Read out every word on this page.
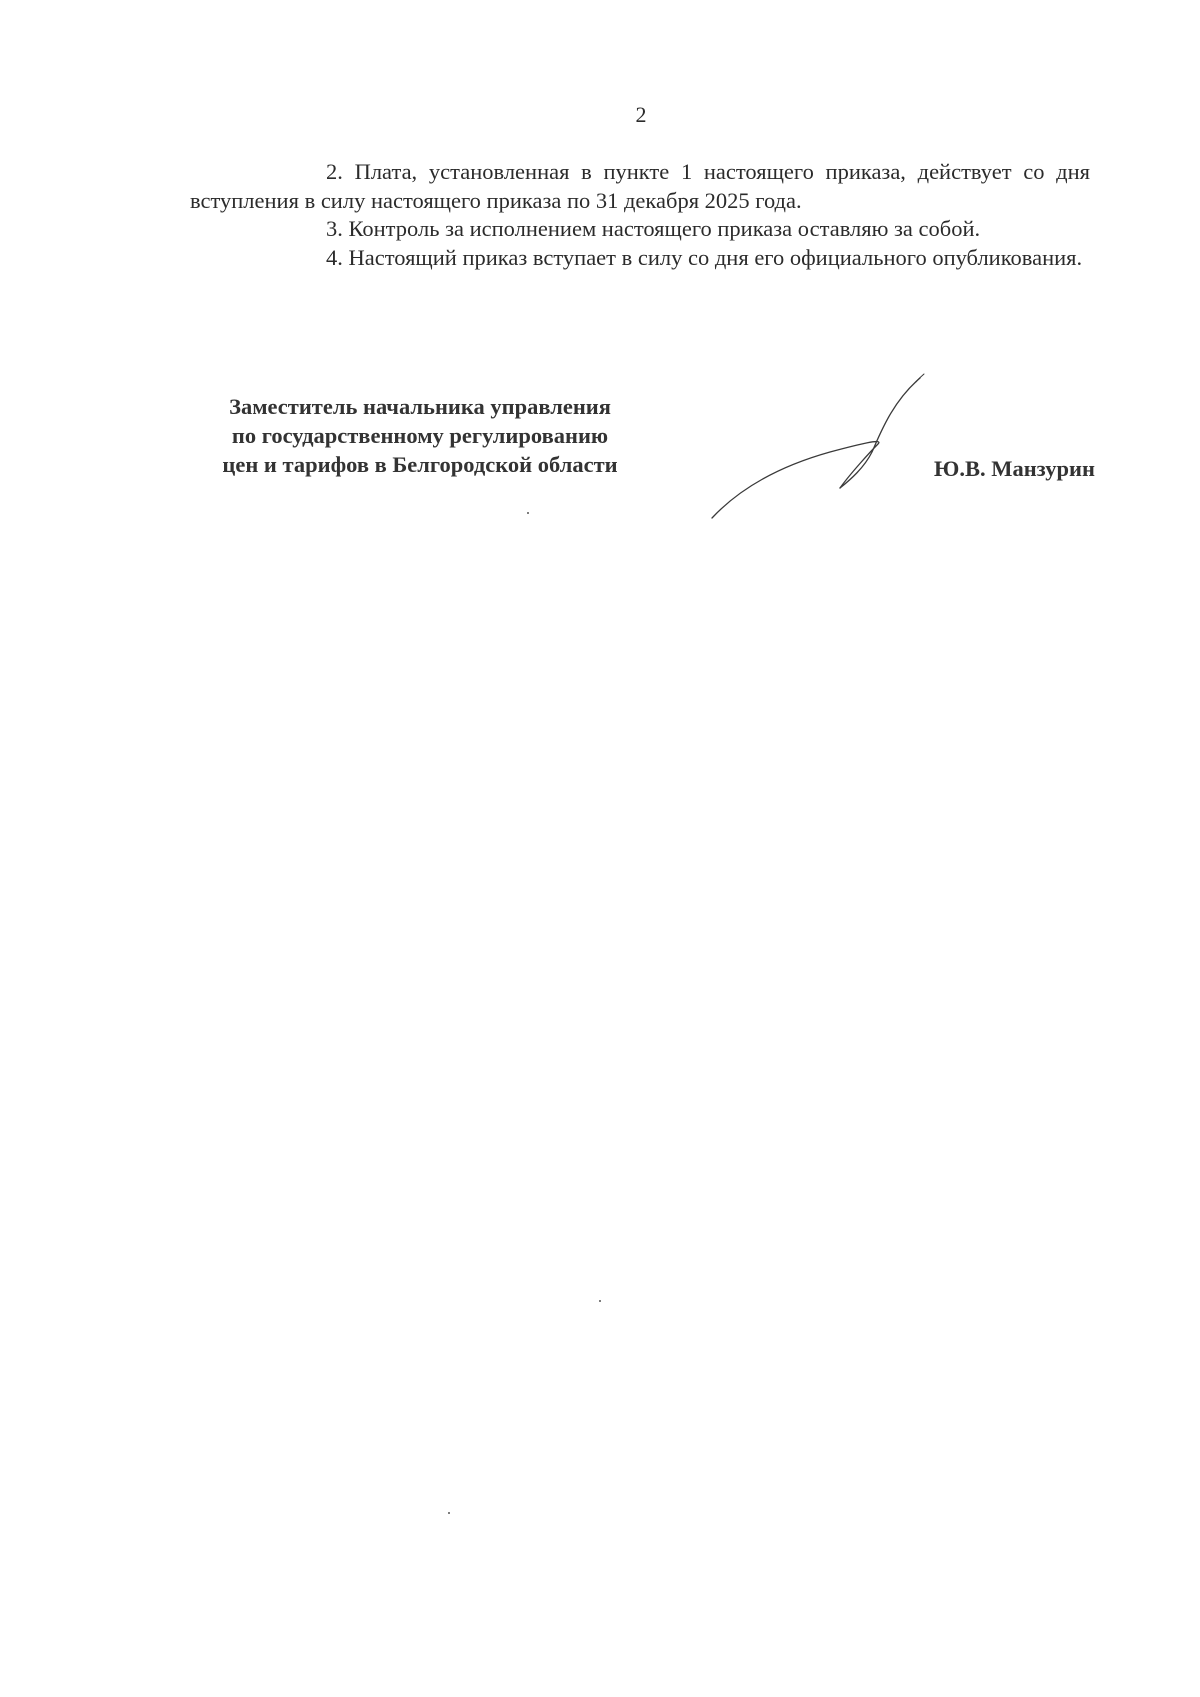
2

2. Плата, установленная в пункте 1 настоящего приказа, действует со дня вступления в силу настоящего приказа по 31 декабря 2025 года.

3. Контроль за исполнением настоящего приказа оставляю за собой.

4. Настоящий приказ вступает в силу со дня его официального опубликования.

Заместитель начальника управления
по государственному регулированию
цен и тарифов в Белгородской области	Ю.В. Манзурин
